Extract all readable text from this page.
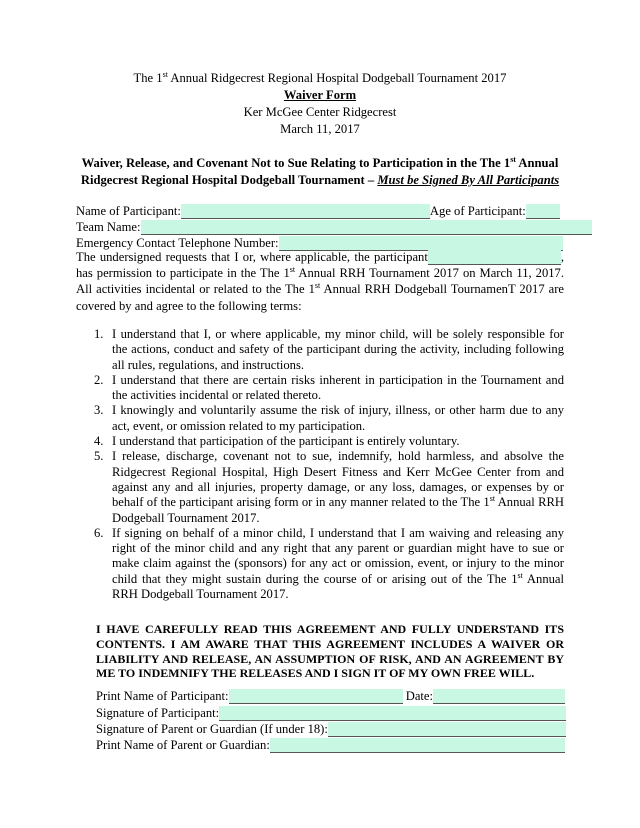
The 1st Annual Ridgecrest Regional Hospital Dodgeball Tournament 2017
Waiver Form
Ker McGee Center Ridgecrest
March 11, 2017
Waiver, Release, and Covenant Not to Sue Relating to Participation in the The 1st Annual Ridgecrest Regional Hospital Dodgeball Tournament – Must be Signed By All Participants
Name of Participant:	Age of Participant:
Team Name:
Emergency Contact Telephone Number:
The undersigned requests that I or, where applicable, the participant	, has permission to participate in the The 1st Annual RRH Tournament 2017 on March 11, 2017. All activities incidental or related to the The 1st Annual RRH Dodgeball TournamenT 2017 are covered by and agree to the following terms:
I understand that I, or where applicable, my minor child, will be solely responsible for the actions, conduct and safety of the participant during the activity, including following all rules, regulations, and instructions.
I understand that there are certain risks inherent in participation in the Tournament and the activities incidental or related thereto.
I knowingly and voluntarily assume the risk of injury, illness, or other harm due to any act, event, or omission related to my participation.
I understand that participation of the participant is entirely voluntary.
I release, discharge, covenant not to sue, indemnify, hold harmless, and absolve the Ridgecrest Regional Hospital, High Desert Fitness and Kerr McGee Center from and against any and all injuries, property damage, or any loss, damages, or expenses by or behalf of the participant arising form or in any manner related to the The 1st Annual RRH Dodgeball Tournament 2017.
If signing on behalf of a minor child, I understand that I am waiving and releasing any right of the minor child and any right that any parent or guardian might have to sue or make claim against the (sponsors) for any act or omission, event, or injury to the minor child that they might sustain during the course of or arising out of the The 1st Annual RRH Dodgeball Tournament 2017.
I HAVE CAREFULLY READ THIS AGREEMENT AND FULLY UNDERSTAND ITS CONTENTS. I AM AWARE THAT THIS AGREEMENT INCLUDES A WAIVER OR LIABILITY AND RELEASE, AN ASSUMPTION OF RISK, AND AN AGREEMENT BY ME TO INDEMNIFY THE RELEASES AND I SIGN IT OF MY OWN FREE WILL.
Print Name of Participant:	Date:
Signature of Participant:
Signature of Parent or Guardian (If under 18):
Print Name of Parent or Guardian:
